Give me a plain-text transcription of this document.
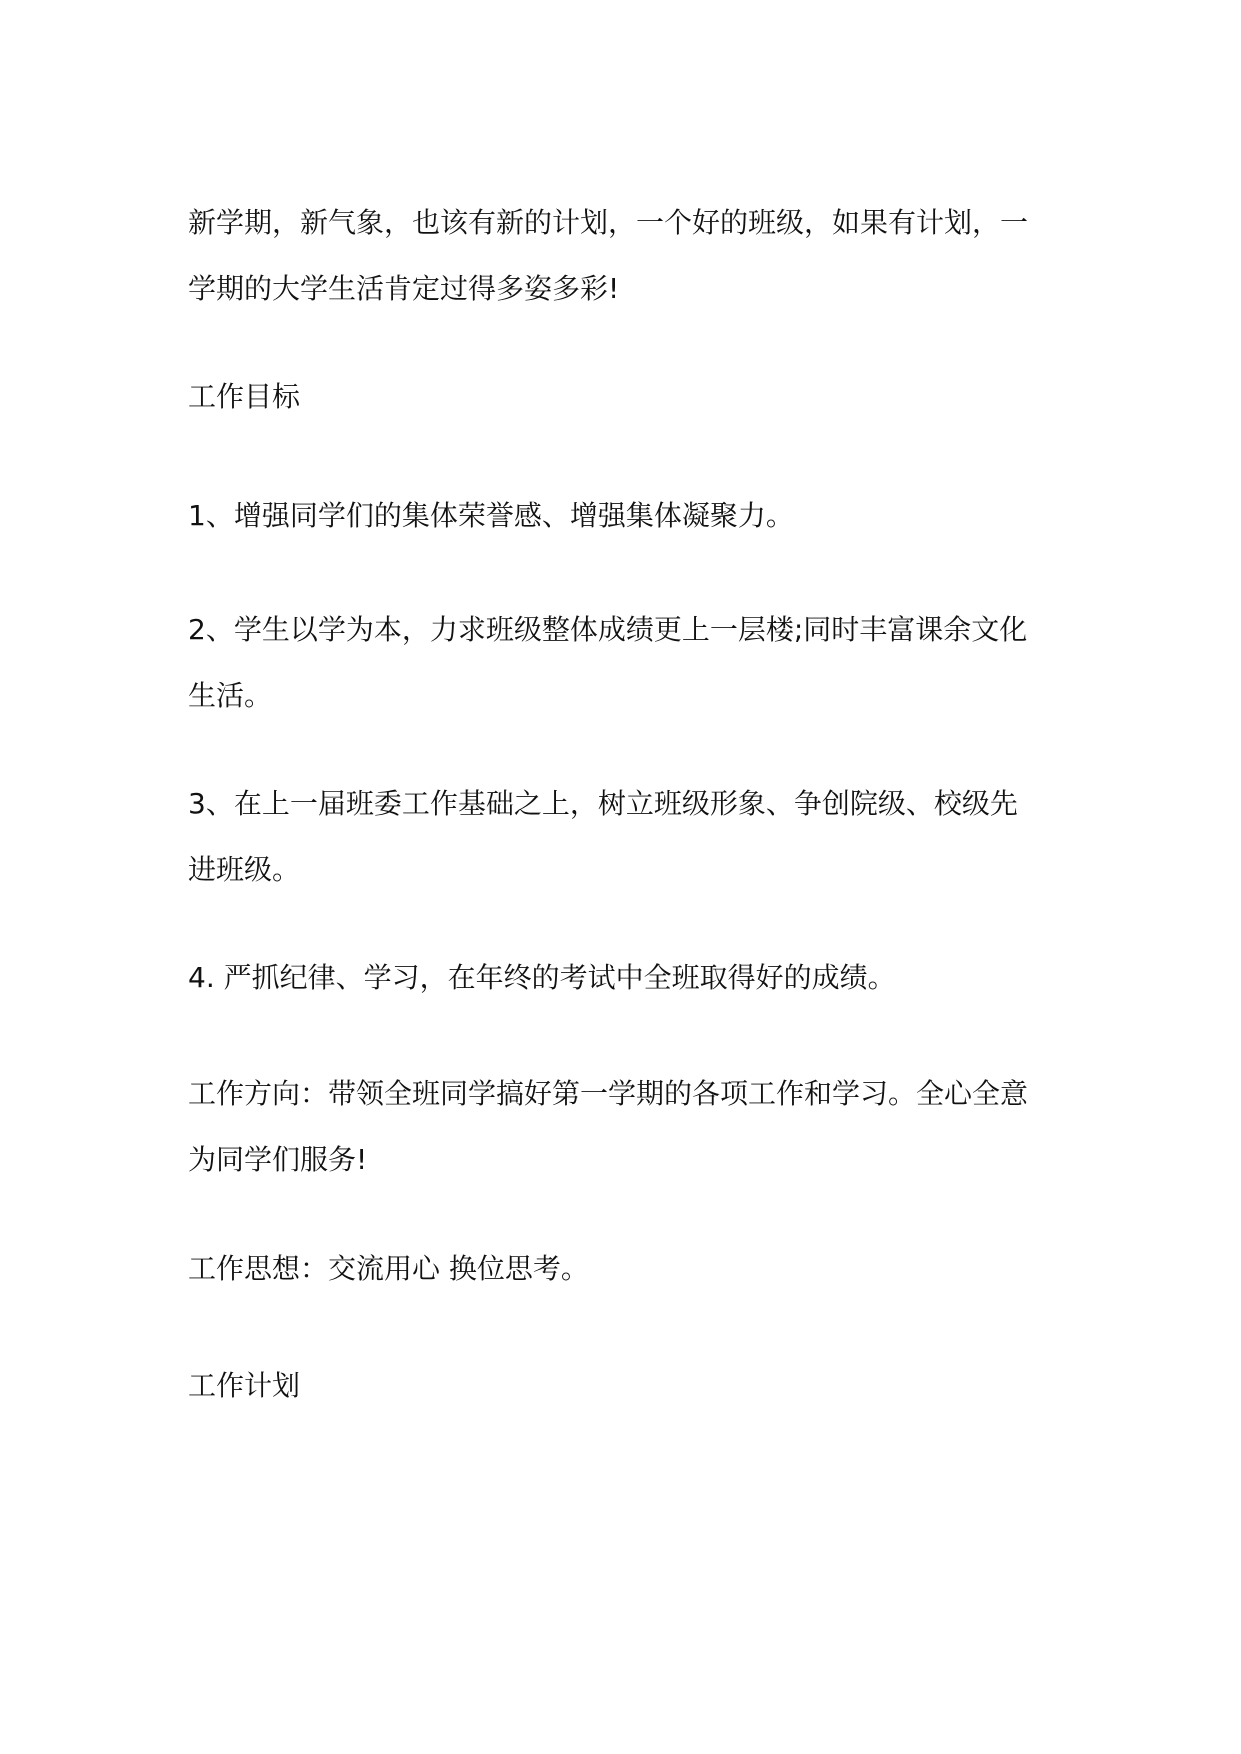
新学期，新气象，也该有新的计划，一个好的班级，如果有计划，一
学期的大学生活肯定过得多姿多彩!
工作目标
1、增强同学们的集体荣誉感、增强集体凝聚力。
2、学生以学为本，力求班级整体成绩更上一层楼;同时丰富课余文化
生活。
3、在上一届班委工作基础之上，树立班级形象、争创院级、校级先
进班级。
4. 严抓纪律、学习，在年终的考试中全班取得好的成绩。
工作方向：带领全班同学搞好第一学期的各项工作和学习。全心全意
为同学们服务!
工作思想：交流用心 换位思考。
工作计划
